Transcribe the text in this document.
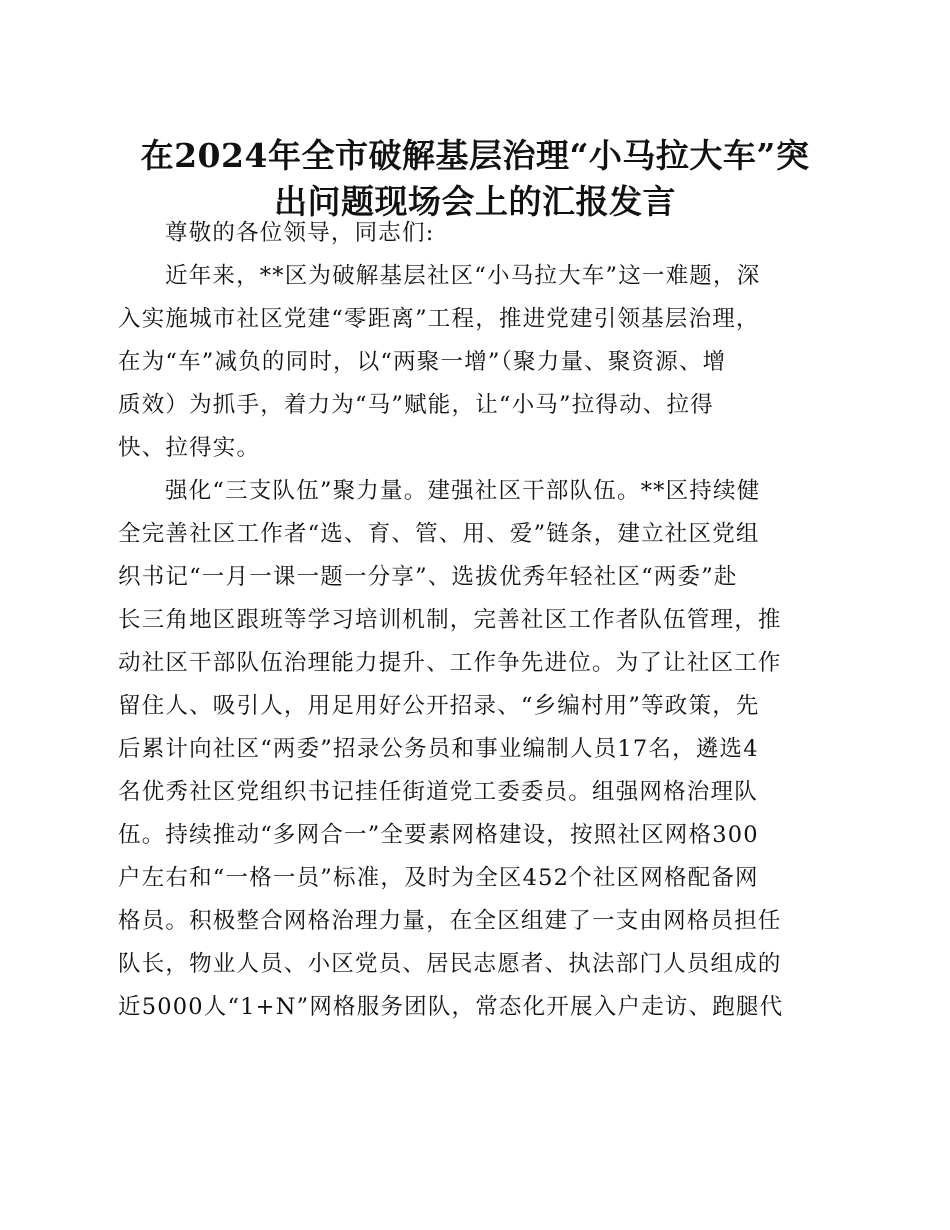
在2024年全市破解基层治理“小马拉大车”突
出问题现场会上的汇报发言
尊敬的各位领导，同志们:
近年来，**区为破解基层社区“小马拉大车”这一难题，深
入实施城市社区党建“零距离”工程，推进党建引领基层治理，
在为“车”减负的同时，以“两聚一增”（聚力量、聚资源、增
质效）为抓手，着力为“马”赋能，让“小马”拉得动、拉得
快、拉得实。
强化“三支队伍”聚力量。建强社区干部队伍。**区持续健
全完善社区工作者“选、育、管、用、爱”链条，建立社区党组
织书记“一月一课一题一分享”、选拔优秀年轻社区“两委”赴
长三角地区跟班等学习培训机制，完善社区工作者队伍管理，推
动社区干部队伍治理能力提升、工作争先进位。为了让社区工作
留住人、吸引人，用足用好公开招录、“乡编村用”等政策，先
后累计向社区“两委”招录公务员和事业编制人员17名，遴选4
名优秀社区党组织书记挂任街道党工委委员。组强网格治理队
伍。持续推动“多网合一”全要素网格建设，按照社区网格300
户左右和“一格一员”标准，及时为全区452个社区网格配备网
格员。积极整合网格治理力量，在全区组建了一支由网格员担任
队长，物业人员、小区党员、居民志愿者、执法部门人员组成的
近5000人“1+N”网格服务团队，常态化开展入户走访、跑腿代
